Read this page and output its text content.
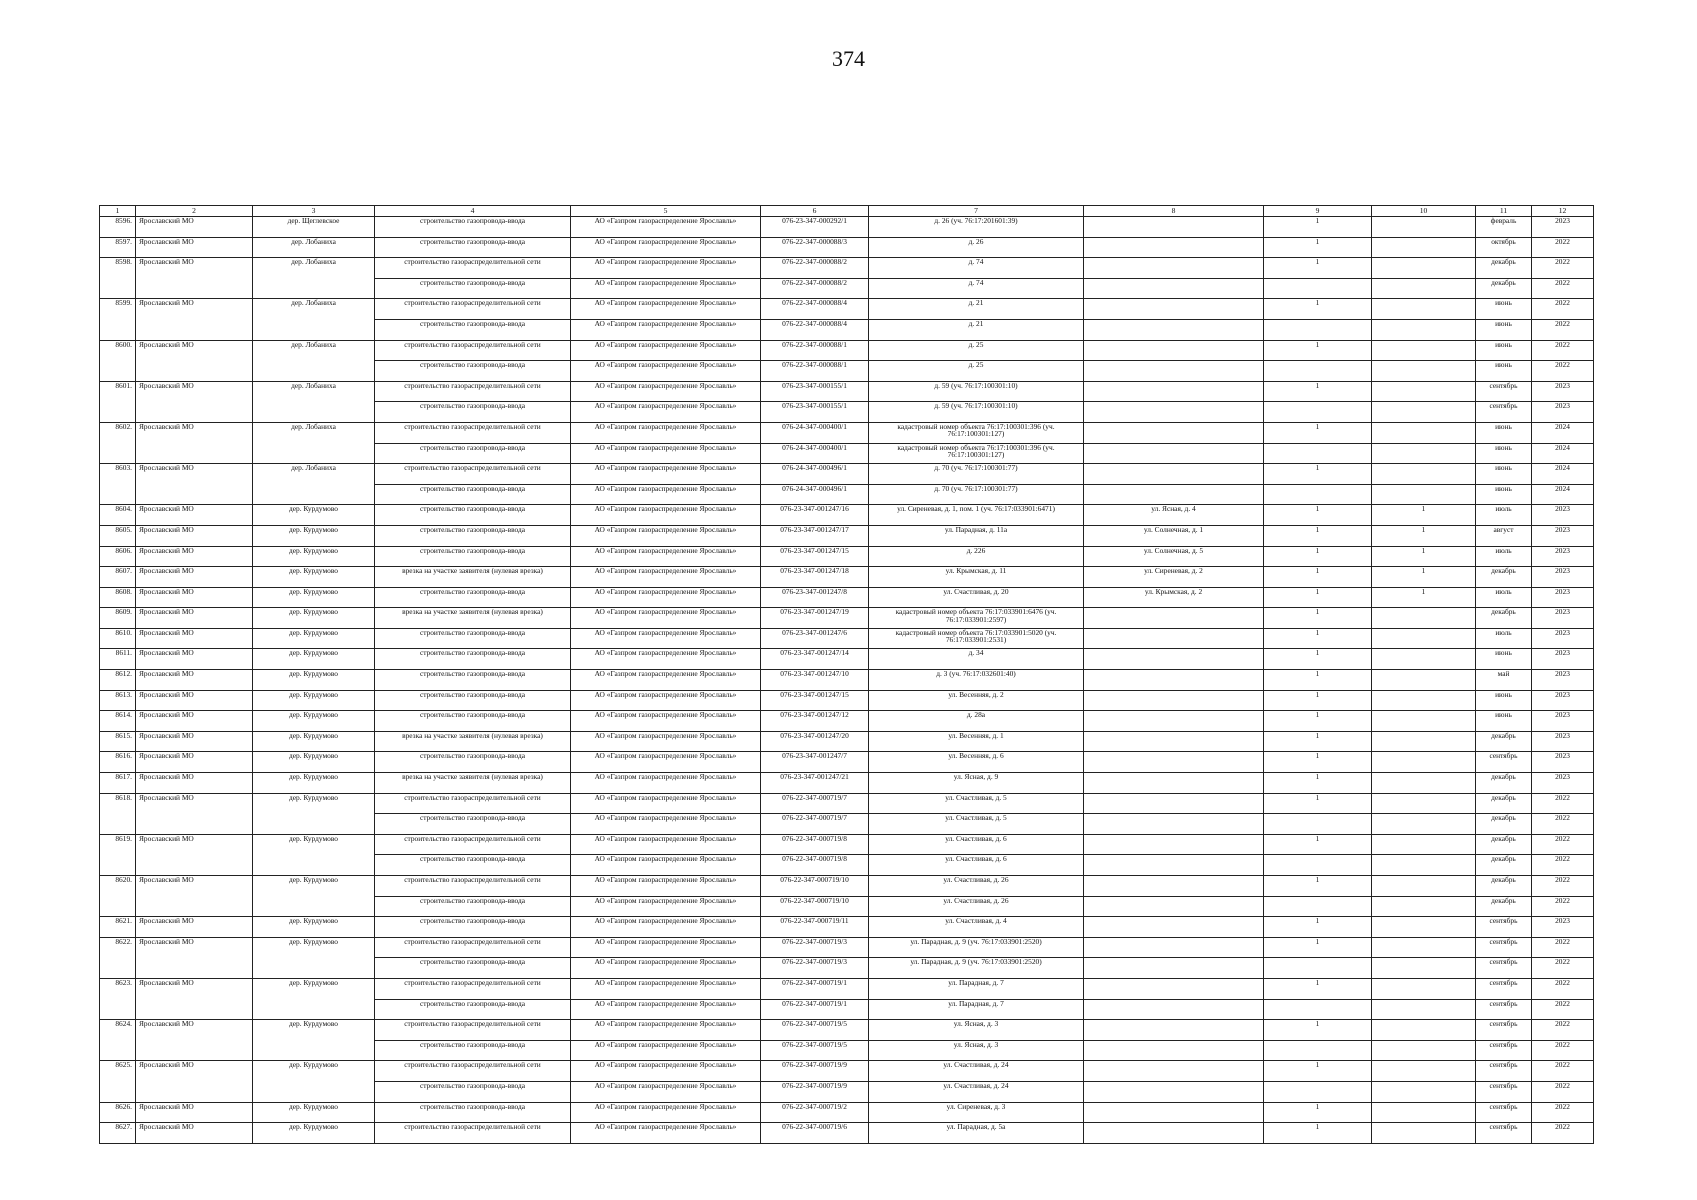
374
1	2	3	4	5	6	7	8	9	10	11	12
8596.	Ярославский МО	дер. Щеглевское	строительство газопровода-ввода	АО «Газпром газораспределение Ярославль»	076-23-347-000292/1	д. 26 (уч. 76:17:201601:39)		1		февраль	2023
8597.	Ярославский МО	дер. Лобаниха	строительство газопровода-ввода	АО «Газпром газораспределение Ярославль»	076-22-347-000088/3	д. 26		1		октябрь	2022
8598.	Ярославский МО	дер. Лобаниха	строительство газораспределительной сети	АО «Газпром газораспределение Ярославль»	076-22-347-000088/2	д. 74		1		декабрь	2022
			строительство газопровода-ввода	АО «Газпром газораспределение Ярославль»	076-22-347-000088/2	д. 74				декабрь	2022
8599.	Ярославский МО	дер. Лобаниха	строительство газораспределительной сети	АО «Газпром газораспределение Ярославль»	076-22-347-000088/4	д. 21		1		июнь	2022
			строительство газопровода-ввода	АО «Газпром газораспределение Ярославль»	076-22-347-000088/4	д. 21				июнь	2022
8600.	Ярославский МО	дер. Лобаниха	строительство газораспределительной сети	АО «Газпром газораспределение Ярославль»	076-22-347-000088/1	д. 25		1		июнь	2022
			строительство газопровода-ввода	АО «Газпром газораспределение Ярославль»	076-22-347-000088/1	д. 25				июнь	2022
8601.	Ярославский МО	дер. Лобаниха	строительство газораспределительной сети	АО «Газпром газораспределение Ярославль»	076-23-347-000155/1	д. 59 (уч. 76:17:100301:10)		1		сентябрь	2023
			строительство газопровода-ввода	АО «Газпром газораспределение Ярославль»	076-23-347-000155/1	д. 59 (уч. 76:17:100301:10)				сентябрь	2023
8602.	Ярославский МО	дер. Лобаниха	строительство газораспределительной сети	АО «Газпром газораспределение Ярославль»	076-24-347-000400/1	кадастровый номер объекта 76:17:100301:396 (уч. 76:17:100301:127)		1		июнь	2024
			строительство газопровода-ввода	АО «Газпром газораспределение Ярославль»	076-24-347-000400/1	кадастровый номер объекта 76:17:100301:396 (уч. 76:17:100301:127)				июнь	2024
8603.	Ярославский МО	дер. Лобаниха	строительство газораспределительной сети	АО «Газпром газораспределение Ярославль»	076-24-347-000496/1	д. 70 (уч. 76:17:100301:77)		1		июнь	2024
			строительство газопровода-ввода	АО «Газпром газораспределение Ярославль»	076-24-347-000496/1	д. 70 (уч. 76:17:100301:77)				июнь	2024
8604.	Ярославский МО	дер. Курдумово	строительство газопровода-ввода	АО «Газпром газораспределение Ярославль»	076-23-347-001247/16	ул. Сиреневая, д. 1, пом. 1 (уч. 76:17:033901:6471)	ул. Ясная, д. 4	1	1	июль	2023
8605.	Ярославский МО	дер. Курдумово	строительство газопровода-ввода	АО «Газпром газораспределение Ярославль»	076-23-347-001247/17	ул. Парадная, д. 11а	ул. Солнечная, д. 1	1	1	август	2023
8606.	Ярославский МО	дер. Курдумово	строительство газопровода-ввода	АО «Газпром газораспределение Ярославль»	076-23-347-001247/15	д. 226	ул. Солнечная, д. 5	1	1	июль	2023
8607.	Ярославский МО	дер. Курдумово	врезка на участке заявителя (нулевая врезка)	АО «Газпром газораспределение Ярославль»	076-23-347-001247/18	ул. Крымская, д. 11	ул. Сиреневая, д. 2	1	1	декабрь	2023
8608.	Ярославский МО	дер. Курдумово	строительство газопровода-ввода	АО «Газпром газораспределение Ярославль»	076-23-347-001247/8	ул. Счастливая, д. 20	ул. Крымская, д. 2	1	1	июль	2023
8609.	Ярославский МО	дер. Курдумово	врезка на участке заявителя (нулевая врезка)	АО «Газпром газораспределение Ярославль»	076-23-347-001247/19	кадастровый номер объекта 76:17:033901:6476 (уч. 76:17:033901:2597)		1		декабрь	2023
8610.	Ярославский МО	дер. Курдумово	строительство газопровода-ввода	АО «Газпром газораспределение Ярославль»	076-23-347-001247/6	кадастровый номер объекта 76:17:033901:5020 (уч. 76:17:033901:2531)		1		июль	2023
8611.	Ярославский МО	дер. Курдумово	строительство газопровода-ввода	АО «Газпром газораспределение Ярославль»	076-23-347-001247/14	д. 34		1		июнь	2023
8612.	Ярославский МО	дер. Курдумово	строительство газопровода-ввода	АО «Газпром газораспределение Ярославль»	076-23-347-001247/10	д. 3 (уч. 76:17:032601:40)		1		май	2023
8613.	Ярославский МО	дер. Курдумово	строительство газопровода-ввода	АО «Газпром газораспределение Ярославль»	076-23-347-001247/15	ул. Весенняя, д. 2		1		июнь	2023
8614.	Ярославский МО	дер. Курдумово	строительство газопровода-ввода	АО «Газпром газораспределение Ярославль»	076-23-347-001247/12	д. 28а		1		июнь	2023
8615.	Ярославский МО	дер. Курдумово	врезка на участке заявителя (нулевая врезка)	АО «Газпром газораспределение Ярославль»	076-23-347-001247/20	ул. Весенняя, д. 1		1		декабрь	2023
8616.	Ярославский МО	дер. Курдумово	строительство газопровода-ввода	АО «Газпром газораспределение Ярославль»	076-23-347-001247/7	ул. Весенняя, д. 6		1		сентябрь	2023
8617.	Ярославский МО	дер. Курдумово	врезка на участке заявителя (нулевая врезка)	АО «Газпром газораспределение Ярославль»	076-23-347-001247/21	ул. Ясная, д. 9		1		декабрь	2023
8618.	Ярославский МО	дер. Курдумово	строительство газораспределительной сети	АО «Газпром газораспределение Ярославль»	076-22-347-000719/7	ул. Счастливая, д. 5		1		декабрь	2022
			строительство газопровода-ввода	АО «Газпром газораспределение Ярославль»	076-22-347-000719/7	ул. Счастливая, д. 5				декабрь	2022
8619.	Ярославский МО	дер. Курдумово	строительство газораспределительной сети	АО «Газпром газораспределение Ярославль»	076-22-347-000719/8	ул. Счастливая, д. 6		1		декабрь	2022
			строительство газопровода-ввода	АО «Газпром газораспределение Ярославль»	076-22-347-000719/8	ул. Счастливая, д. 6				декабрь	2022
8620.	Ярославский МО	дер. Курдумово	строительство газораспределительной сети	АО «Газпром газораспределение Ярославль»	076-22-347-000719/10	ул. Счастливая, д. 26		1		декабрь	2022
			строительство газопровода-ввода	АО «Газпром газораспределение Ярославль»	076-22-347-000719/10	ул. Счастливая, д. 26				декабрь	2022
8621.	Ярославский МО	дер. Курдумово	строительство газопровода-ввода	АО «Газпром газораспределение Ярославль»	076-22-347-000719/11	ул. Счастливая, д. 4		1		сентябрь	2023
8622.	Ярославский МО	дер. Курдумово	строительство газораспределительной сети	АО «Газпром газораспределение Ярославль»	076-22-347-000719/3	ул. Парадная, д. 9 (уч. 76:17:033901:2520)		1		сентябрь	2022
			строительство газопровода-ввода	АО «Газпром газораспределение Ярославль»	076-22-347-000719/3	ул. Парадная, д. 9 (уч. 76:17:033901:2520)				сентябрь	2022
8623.	Ярославский МО	дер. Курдумово	строительство газораспределительной сети	АО «Газпром газораспределение Ярославль»	076-22-347-000719/1	ул. Парадная, д. 7		1		сентябрь	2022
			строительство газопровода-ввода	АО «Газпром газораспределение Ярославль»	076-22-347-000719/1	ул. Парадная, д. 7				сентябрь	2022
8624.	Ярославский МО	дер. Курдумово	строительство газораспределительной сети	АО «Газпром газораспределение Ярославль»	076-22-347-000719/5	ул. Ясная, д. 3		1		сентябрь	2022
			строительство газопровода-ввода	АО «Газпром газораспределение Ярославль»	076-22-347-000719/5	ул. Ясная, д. 3				сентябрь	2022
8625.	Ярославский МО	дер. Курдумово	строительство газораспределительной сети	АО «Газпром газораспределение Ярославль»	076-22-347-000719/9	ул. Счастливая, д. 24		1		сентябрь	2022
			строительство газопровода-ввода	АО «Газпром газораспределение Ярославль»	076-22-347-000719/9	ул. Счастливая, д. 24				сентябрь	2022
8626.	Ярославский МО	дер. Курдумово	строительство газопровода-ввода	АО «Газпром газораспределение Ярославль»	076-22-347-000719/2	ул. Сиреневая, д. 3		1		сентябрь	2022
8627.	Ярославский МО	дер. Курдумово	строительство газораспределительной сети	АО «Газпром газораспределение Ярославль»	076-22-347-000719/6	ул. Парадная, д. 5а		1		сентябрь	2022
